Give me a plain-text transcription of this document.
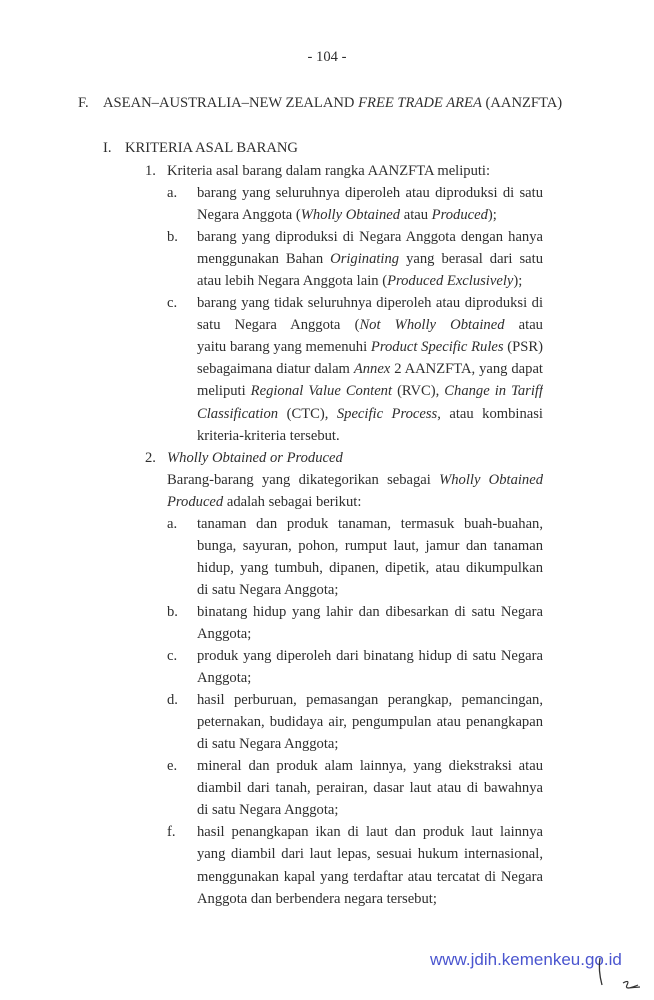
- 104 -
F. ASEAN–AUSTRALIA–NEW ZEALAND FREE TRADE AREA (AANZFTA)
I. KRITERIA ASAL BARANG
1. Kriteria asal barang dalam rangka AANZFTA meliputi:
a.	barang yang seluruhnya diperoleh atau diproduksi di satu
Negara Anggota (Wholly Obtained atau Produced);
b.	barang yang diproduksi di Negara Anggota dengan hanya
menggunakan Bahan Originating yang berasal dari satu
atau lebih Negara Anggota lain (Produced Exclusively);
c.	barang yang tidak seluruhnya diperoleh atau diproduksi di
satu Negara Anggota (Not Wholly Obtained atau
yaitu barang yang memenuhi Product Specific Rules (PSR)
sebagaimana diatur dalam Annex 2 AANZFTA, yang dapat
meliputi Regional Value Content (RVC), Change in Tariff
Classification (CTC), Specific Process, atau kombinasi
kriteria-kriteria tersebut.
2. Wholly Obtained or Produced
Barang-barang yang dikategorikan sebagai Wholly Obtained
Produced adalah sebagai berikut:
a.	tanaman dan produk tanaman, termasuk buah-buahan,
bunga, sayuran, pohon, rumput laut, jamur dan tanaman
hidup, yang tumbuh, dipanen, dipetik, atau dikumpulkan
di satu Negara Anggota;
b.	binatang hidup yang lahir dan dibesarkan di satu Negara
Anggota;
c.	produk yang diperoleh dari binatang hidup di satu Negara
Anggota;
d.	hasil perburuan, pemasangan perangkap, pemancingan,
peternakan, budidaya air, pengumpulan atau penangkapan
di satu Negara Anggota;
e.	mineral dan produk alam lainnya, yang diekstraksi atau
diambil dari tanah, perairan, dasar laut atau di bawahnya
di satu Negara Anggota;
f.	hasil penangkapan ikan di laut dan produk laut lainnya
yang diambil dari laut lepas, sesuai hukum internasional,
menggunakan kapal yang terdaftar atau tercatat di Negara
Anggota dan berbendera negara tersebut;
www.jdih.kemenkeu.go.id
